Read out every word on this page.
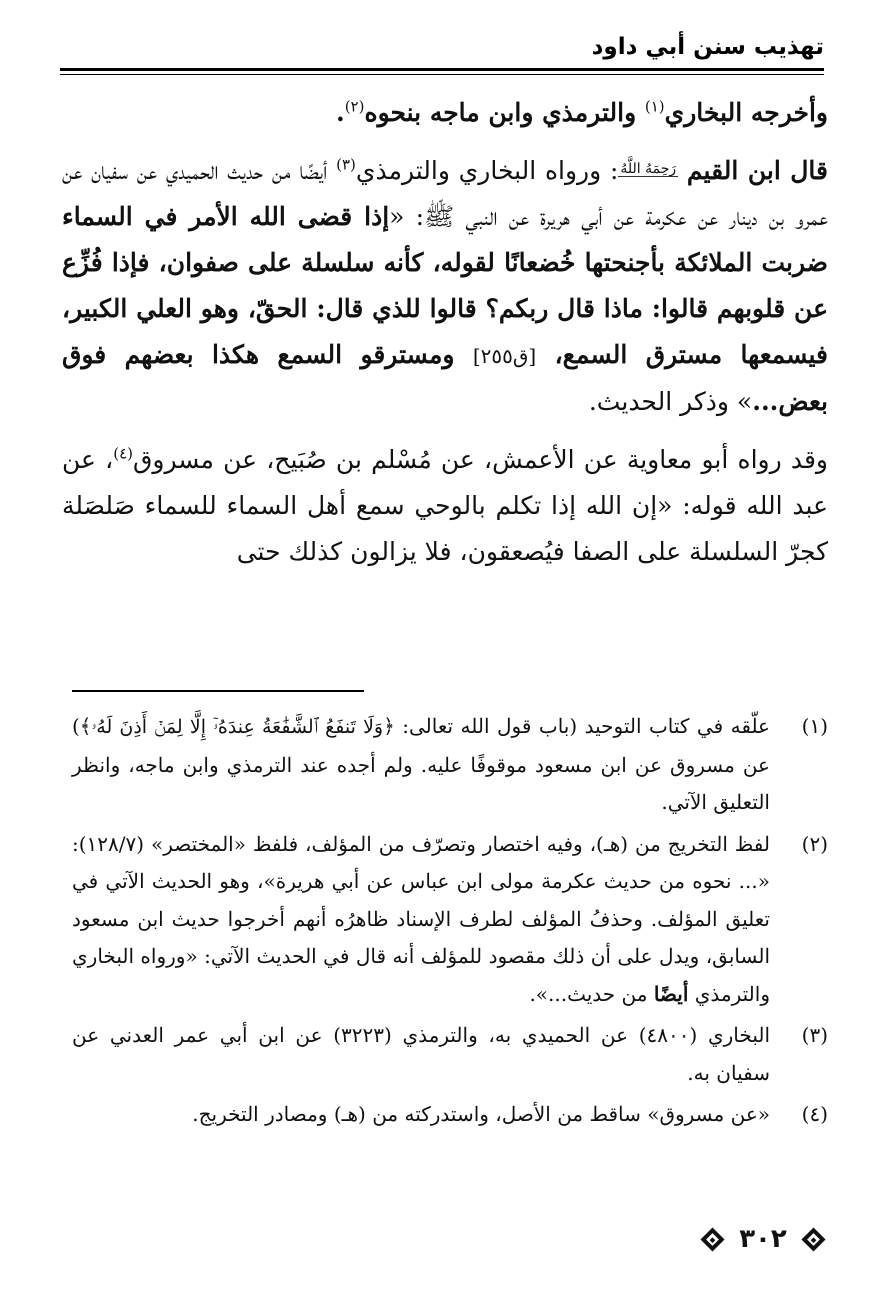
تهذيب سنن أبي داود

وأخرجه البخاري$^{(١)}$ والترمذي وابن ماجه بنحوه$^{(٢)}$.

قال ابن القيم رَحِمَهُ اللَّهُ: ورواه البخاري والترمذي$^{(٣)}$ أيضًا من حديث الحميدي عن سفيان عن عمرو بن دينار عن عكرمة عن أبي هريرة عن النبي ﷺ: «إذا قضى الله الأمر في السماء ضربت الملائكة بأجنحتها خُضعانًا لقوله، كأنه سلسلة على صفوان، فإذا فُزِّع عن قلوبهم قالوا: ماذا قال ربكم؟ قالوا للذي قال: الحقّ، وهو العلي الكبير، فيسمعها مسترق السمع، [ق٢٥٥] ومسترقو السمع هكذا بعضهم فوق بعض...» وذكر الحديث.

وقد رواه أبو معاوية عن الأعمش، عن مُسْلم بن صُبَيح، عن مسروق$^{(٤)}$، عن عبد الله قوله: «إن الله إذا تكلم بالوحي سمع أهل السماء للسماء صَلصَلة كجرّ السلسلة على الصفا فيُصعقون، فلا يزالون كذلك حتى

(١)
علّقه في كتاب التوحيد (باب قول الله تعالى: ﴿وَلَا تَنفَعُ ٱلشَّفَٰعَةُ عِندَهُۥٓ إِلَّا لِمَنۡ أَذِنَ لَهُۥ﴾) عن مسروق عن ابن مسعود موقوفًا عليه. ولم أجده عند الترمذي وابن ماجه، وانظر التعليق الآتي.
(٢)
لفظ التخريج من (هـ)، وفيه اختصار وتصرّف من المؤلف، فلفظ «المختصر» (١٢٨/٧): «... نحوه من حديث عكرمة مولى ابن عباس عن أبي هريرة»، وهو الحديث الآتي في تعليق المؤلف. وحذفُ المؤلف لطرف الإسناد ظاهرُه أنهم أخرجوا حديث ابن مسعود السابق، ويدل على أن ذلك مقصود للمؤلف أنه قال في الحديث الآتي: «ورواه البخاري والترمذي أيضًا من حديث...».
(٣)
البخاري (٤٨٠٠) عن الحميدي به، والترمذي (٣٢٢٣) عن ابن أبي عمر العدني عن سفيان به.
(٤)
«عن مسروق» ساقط من الأصل، واستدركته من (هـ) ومصادر التخريج.
٣٠٢
